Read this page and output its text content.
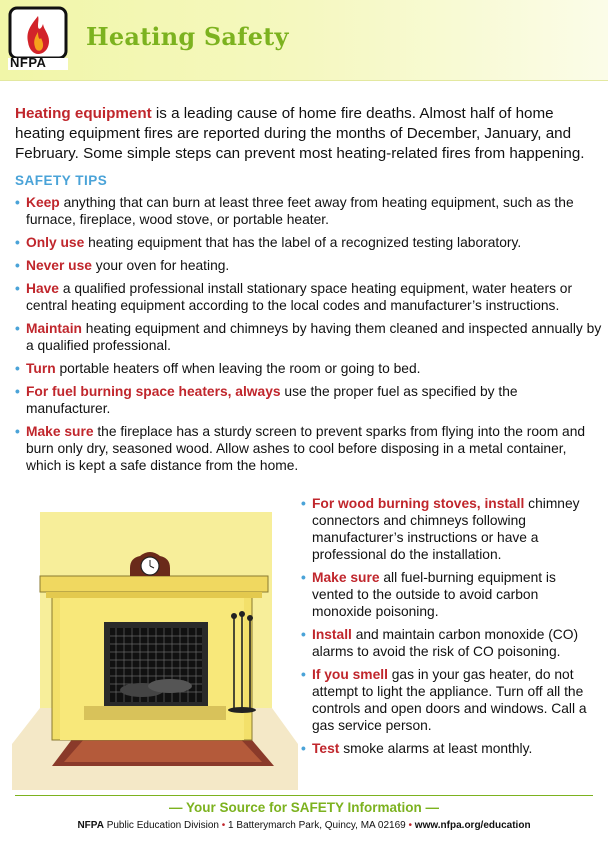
NFPA
Heating Safety
Heating equipment is a leading cause of home fire deaths. Almost half of home heating equipment fires are reported during the months of December, January, and February. Some simple steps can prevent most heating-related fires from happening.
SAFETY TIPS
• Keep anything that can burn at least three feet away from heating equipment, such as the furnace, fireplace, wood stove, or portable heater.
• Only use heating equipment that has the label of a recognized testing laboratory.
• Never use your oven for heating.
• Have a qualified professional install stationary space heating equipment, water heaters or central heating equipment according to the local codes and manufacturer’s instructions.
• Maintain heating equipment and chimneys by having them cleaned and inspected annually by a qualified professional.
• Turn portable heaters off when leaving the room or going to bed.
• For fuel burning space heaters, always use the proper fuel as specified by the manufacturer.
• Make sure the fireplace has a sturdy screen to prevent sparks from flying into the room and burn only dry, seasoned wood. Allow ashes to cool before disposing in a metal container, which is kept a safe distance from the home.
• For wood burning stoves, install chimney connectors and chimneys following manufacturer’s instructions or have a professional do the installation.
• Make sure all fuel-burning equipment is vented to the outside to avoid carbon monoxide poisoning.
• Install and maintain carbon monoxide (CO) alarms to avoid the risk of CO poisoning.
• If you smell gas in your gas heater, do not attempt to light the appliance. Turn off all the controls and open doors and windows. Call a gas service person.
• Test smoke alarms at least monthly.
— Your Source for SAFETY Information —
NFPA Public Education Division • 1 Batterymarch Park, Quincy, MA 02169 • www.nfpa.org/education
